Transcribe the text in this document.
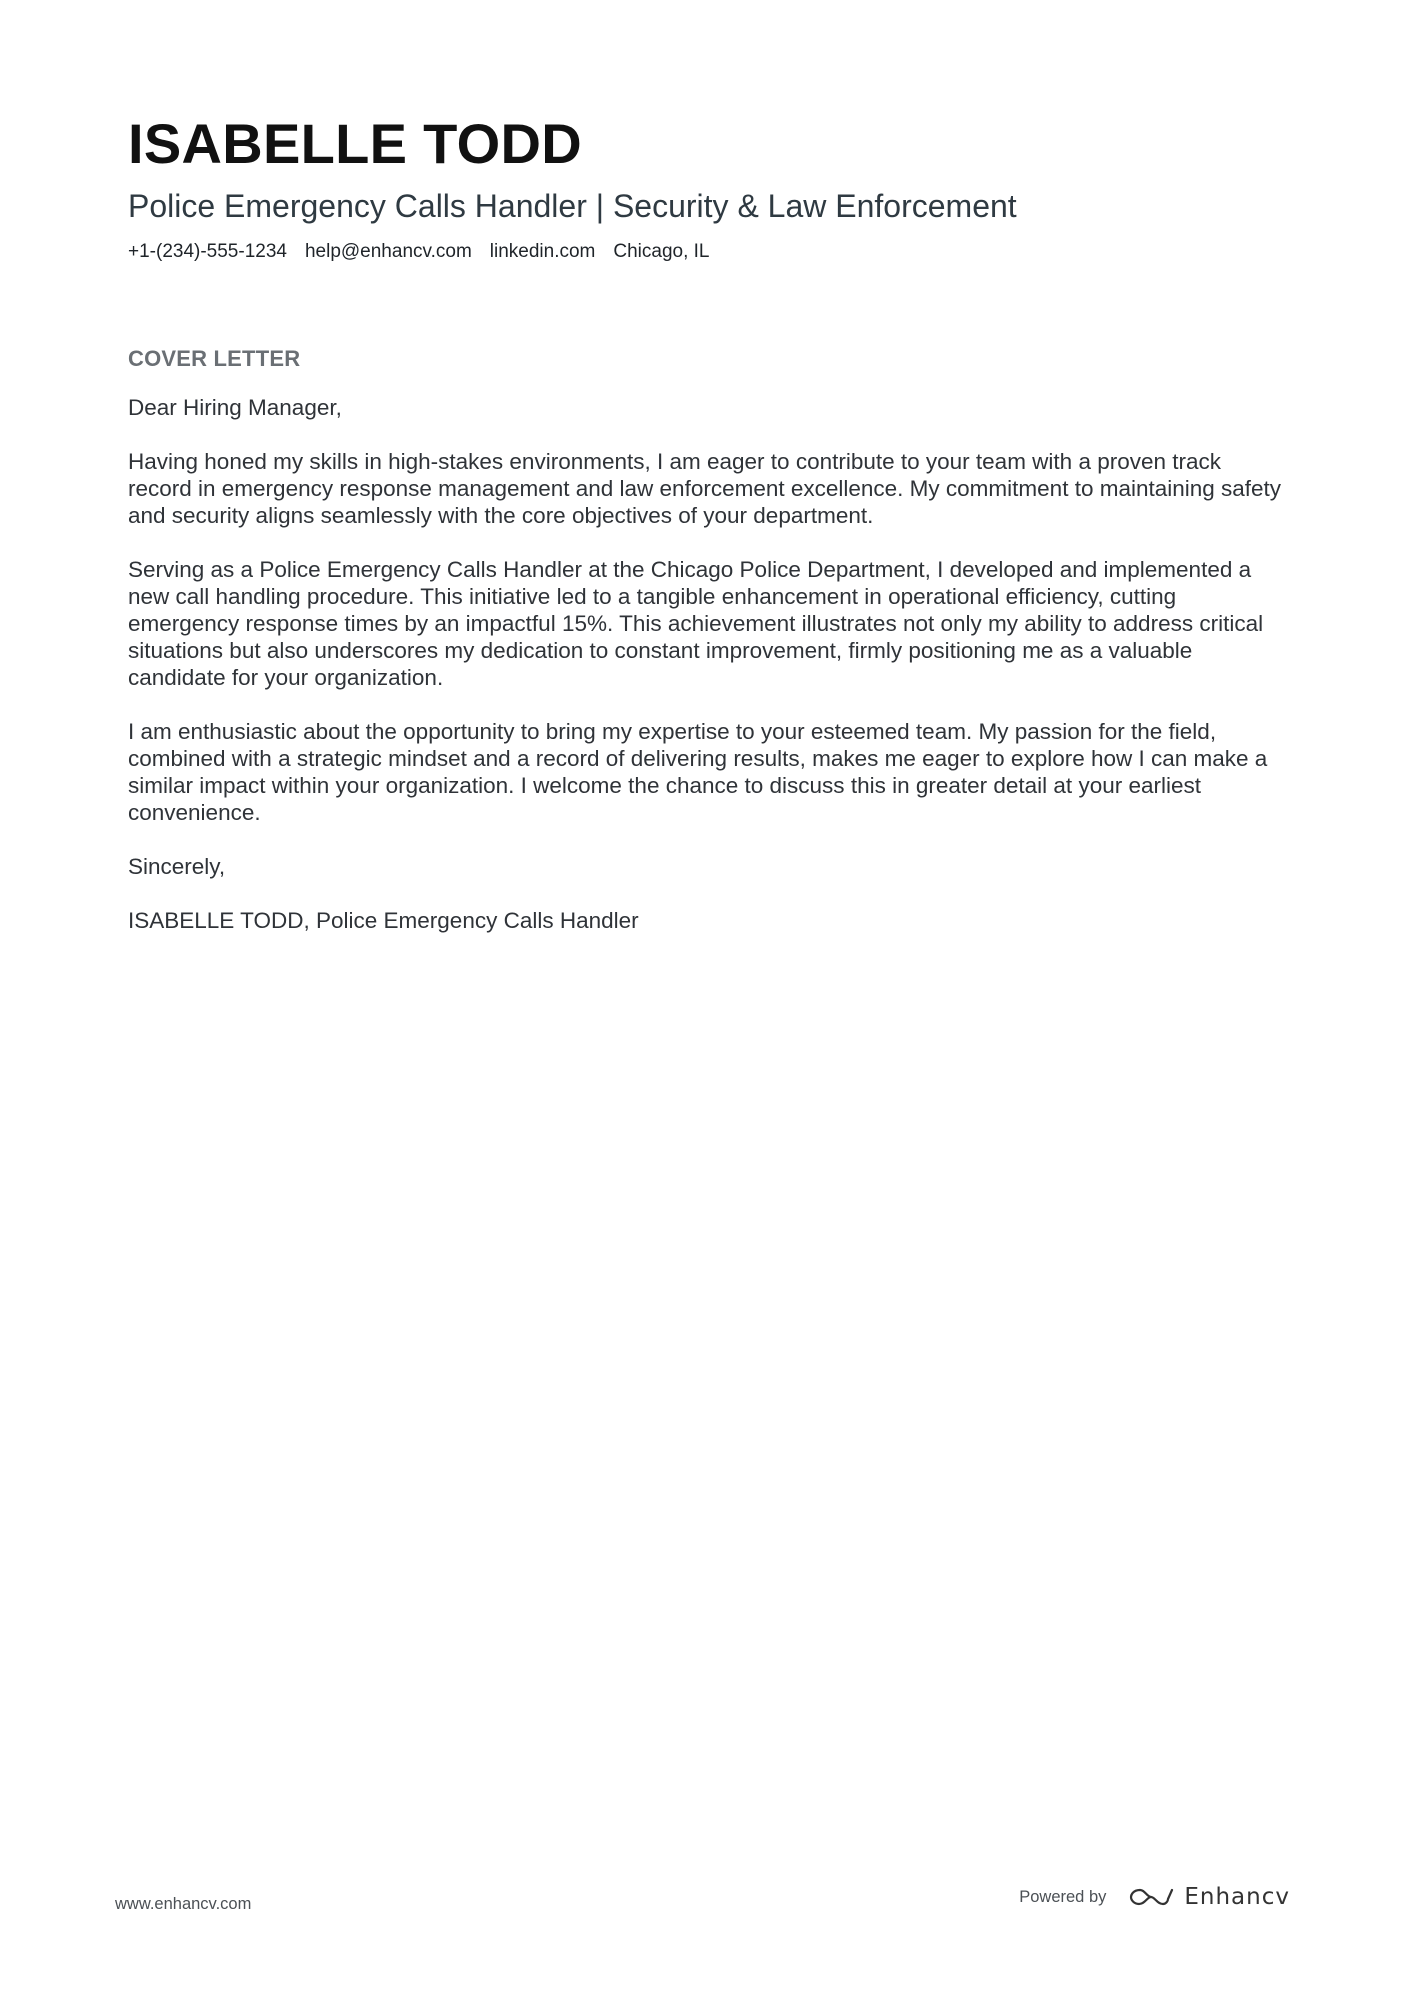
ISABELLE TODD
Police Emergency Calls Handler | Security & Law Enforcement
+1-(234)-555-1234 help@enhancv.com linkedin.com Chicago, IL
COVER LETTER

Dear Hiring Manager,

Having honed my skills in high-stakes environments, I am eager to contribute to your team with a proven track record in emergency response management and law enforcement excellence. My commitment to maintaining safety and security aligns seamlessly with the core objectives of your department.

Serving as a Police Emergency Calls Handler at the Chicago Police Department, I developed and implemented a new call handling procedure. This initiative led to a tangible enhancement in operational efficiency, cutting emergency response times by an impactful 15%. This achievement illustrates not only my ability to address critical situations but also underscores my dedication to constant improvement, firmly positioning me as a valuable candidate for your organization.

I am enthusiastic about the opportunity to bring my expertise to your esteemed team. My passion for the field, combined with a strategic mindset and a record of delivering results, makes me eager to explore how I can make a similar impact within your organization. I welcome the chance to discuss this in greater detail at your earliest convenience.

Sincerely,

ISABELLE TODD, Police Emergency Calls Handler

www.enhancv.com	Powered by	Enhancv
